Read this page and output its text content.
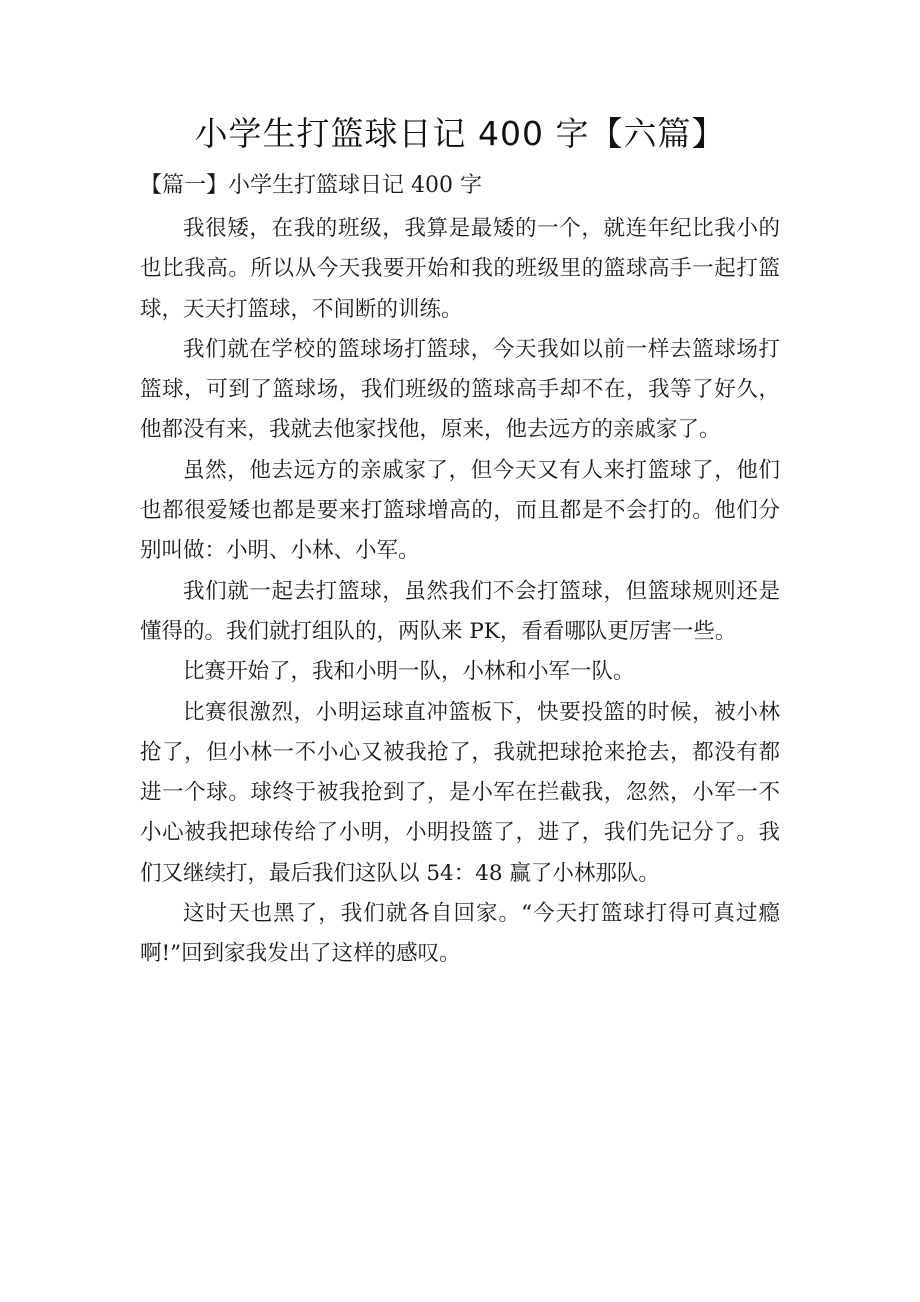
小学生打篮球日记 400 字【六篇】
【篇一】小学生打篮球日记 400 字

我很矮，在我的班级，我算是最矮的一个，就连年纪比我小的也比我高。所以从今天我要开始和我的班级里的篮球高手一起打篮球，天天打篮球，不间断的训练。

我们就在学校的篮球场打篮球，今天我如以前一样去篮球场打篮球，可到了篮球场，我们班级的篮球高手却不在，我等了好久，他都没有来，我就去他家找他，原来，他去远方的亲戚家了。

虽然，他去远方的亲戚家了，但今天又有人来打篮球了，他们也都很爱矮也都是要来打篮球增高的，而且都是不会打的。他们分别叫做：小明、小林、小军。

我们就一起去打篮球，虽然我们不会打篮球，但篮球规则还是懂得的。我们就打组队的，两队来 PK，看看哪队更厉害一些。

比赛开始了，我和小明一队，小林和小军一队。

比赛很激烈，小明运球直冲篮板下，快要投篮的时候，被小林抢了，但小林一不小心又被我抢了，我就把球抢来抢去，都没有都进一个球。球终于被我抢到了，是小军在拦截我，忽然，小军一不小心被我把球传给了小明，小明投篮了，进了，我们先记分了。我们又继续打，最后我们这队以 54：48 赢了小林那队。

这时天也黑了，我们就各自回家。“今天打篮球打得可真过瘾啊!”回到家我发出了这样的感叹。
